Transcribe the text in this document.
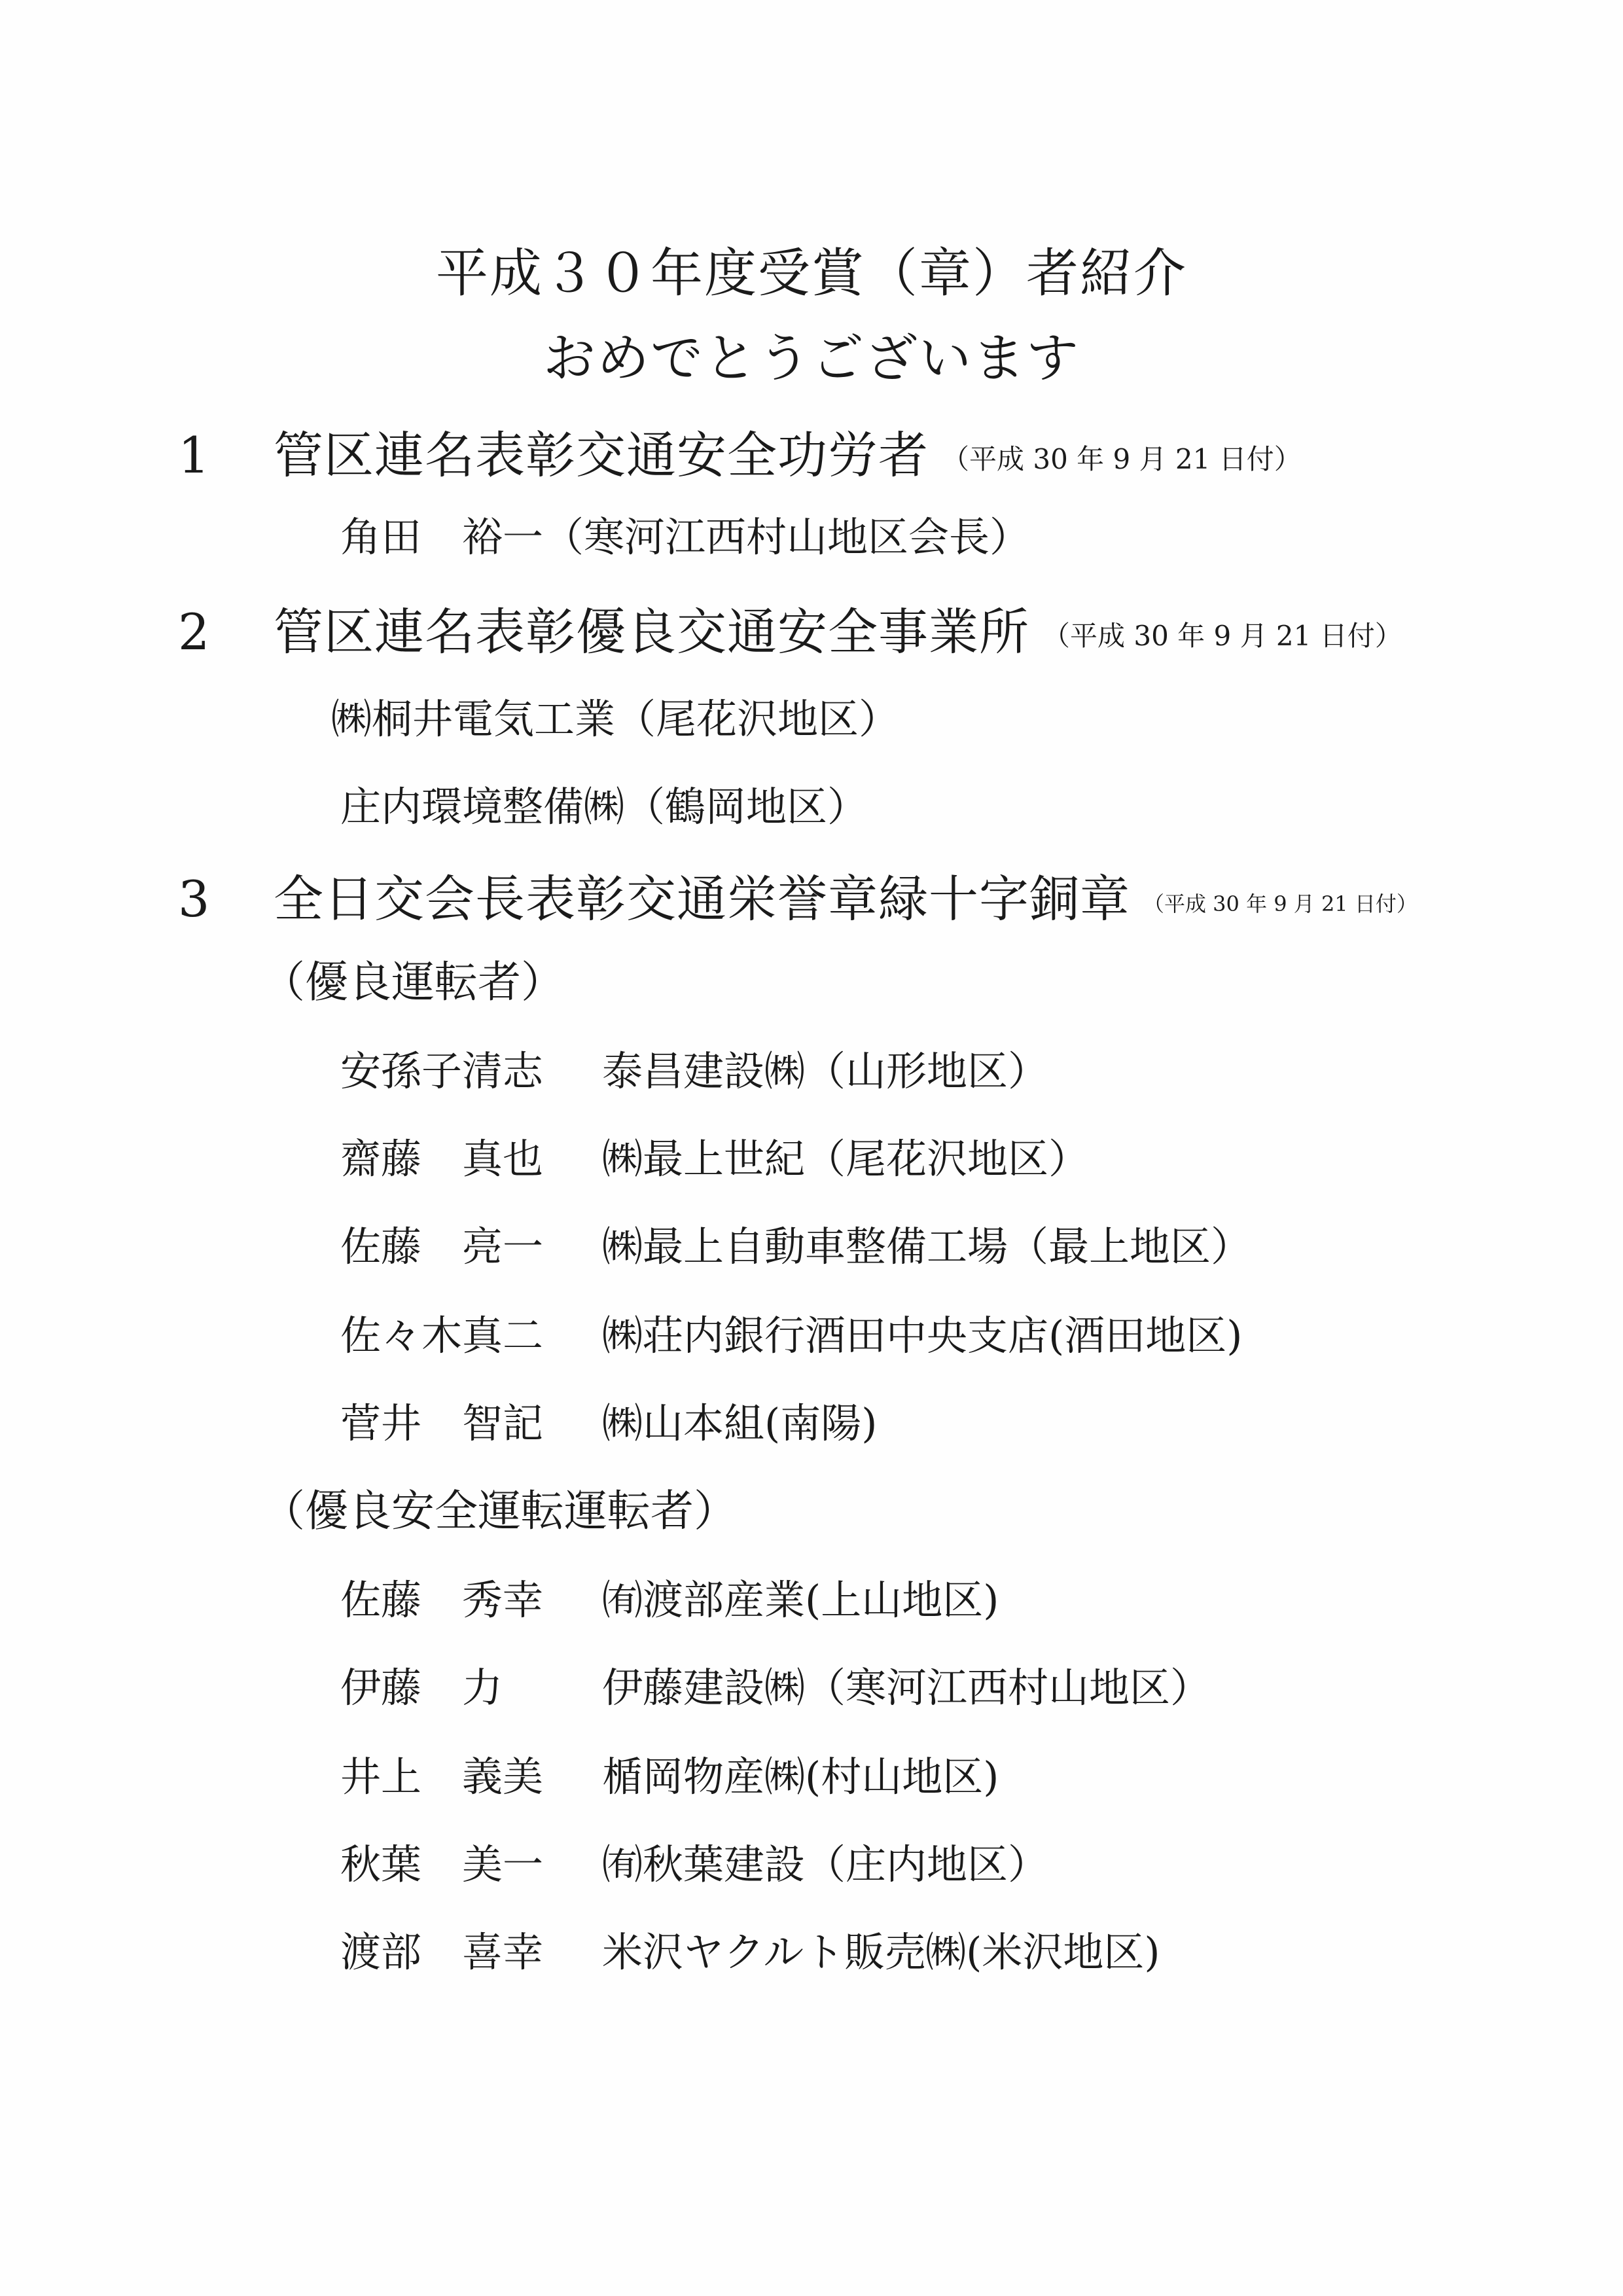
平成３０年度受賞（章）者紹介
おめでとうございます
1 管区連名表彰交通安全功労者 （平成 30 年 9 月 21 日付）
角田　裕一（寒河江西村山地区会長）
2 管区連名表彰優良交通安全事業所 （平成 30 年 9 月 21 日付）
㈱桐井電気工業（尾花沢地区）
庄内環境整備㈱（鶴岡地区）
3 全日交会長表彰交通栄誉章緑十字銅章 （平成 30 年 9 月 21 日付）
（優良運転者）
安孫子清志 泰昌建設㈱（山形地区）
齋藤　真也 ㈱最上世紀（尾花沢地区）
佐藤　亮一 ㈱最上自動車整備工場（最上地区）
佐々木真二 ㈱荘内銀行酒田中央支店(酒田地区)
菅井　智記 ㈱山本組(南陽)
（優良安全運転運転者）
佐藤　秀幸 ㈲渡部産業(上山地区)
伊藤　力 伊藤建設㈱（寒河江西村山地区）
井上　義美 楯岡物産㈱(村山地区)
秋葉　美一 ㈲秋葉建設（庄内地区）
渡部　喜幸 米沢ヤクルト販売㈱(米沢地区)
